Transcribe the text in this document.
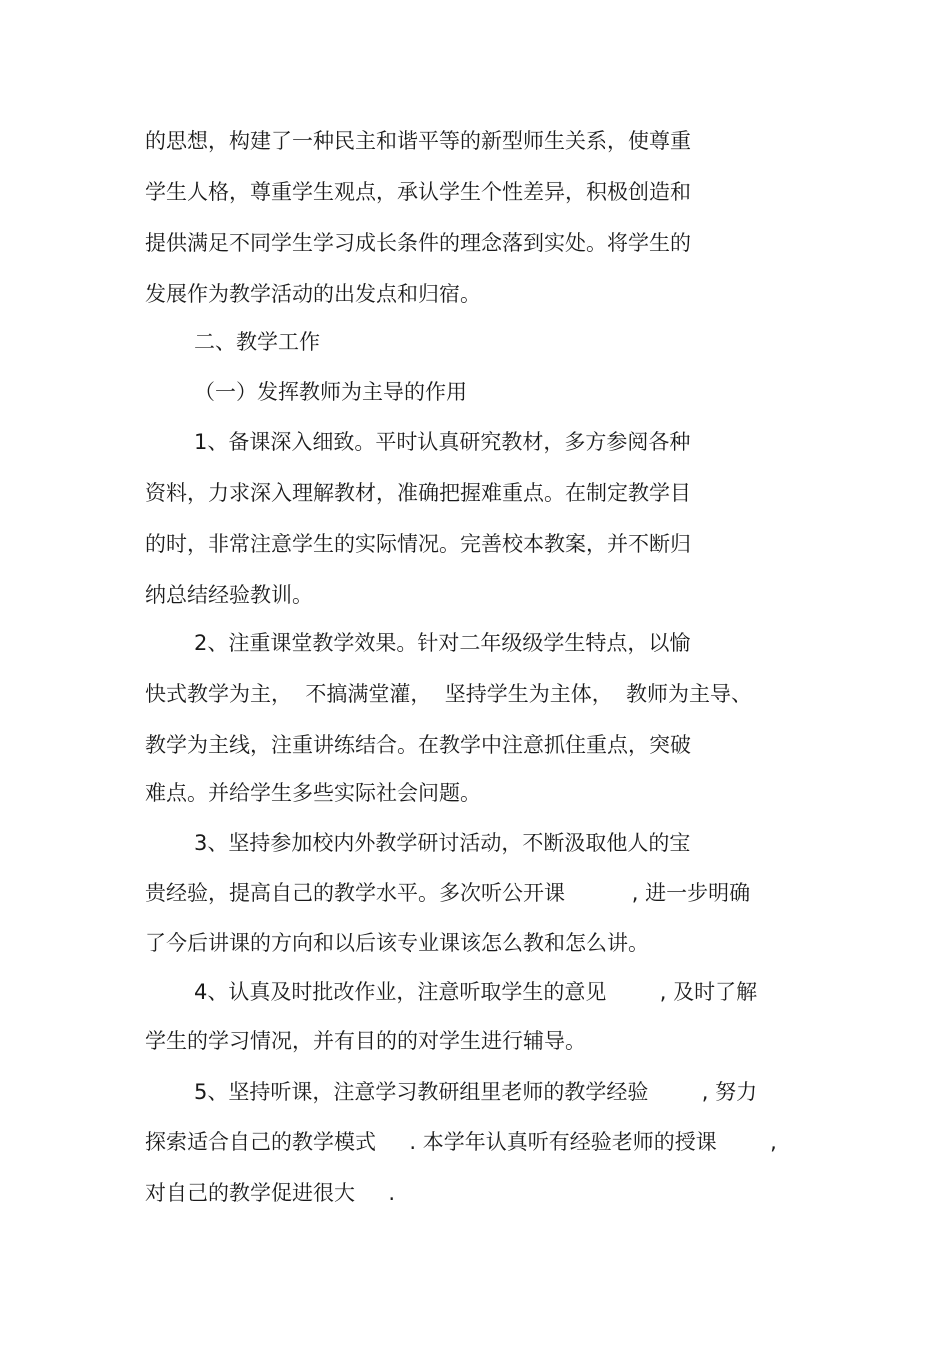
的思想，构建了一种民主和谐平等的新型师生关系，使尊重
学生人格，尊重学生观点，承认学生个性差异，积极创造和
提供满足不同学生学习成长条件的理念落到实处。将学生的
发展作为教学活动的出发点和归宿。
二、教学工作
（一）发挥教师为主导的作用
1、备课深入细致。平时认真研究教材，多方参阅各种
资料，力求深入理解教材，准确把握难重点。在制定教学目
的时，非常注意学生的实际情况。完善校本教案，并不断归
纳总结经验教训。
2、注重课堂教学效果。针对二年级级学生特点，以愉
快式教学为主，  不搞满堂灌，  坚持学生为主体，  教师为主导、
教学为主线，注重讲练结合。在教学中注意抓住重点，突破
难点。并给学生多些实际社会问题。
3、坚持参加校内外教学研讨活动，不断汲取他人的宝
贵经验，提高自己的教学水平。多次听公开课          , 进一步明确
了今后讲课的方向和以后该专业课该怎么教和怎么讲。
4、认真及时批改作业，注意听取学生的意见        , 及时了解
学生的学习情况，并有目的的对学生进行辅导。
5、坚持听课，注意学习教研组里老师的教学经验        , 努力
探索适合自己的教学模式     . 本学年认真听有经验老师的授课        ,
对自己的教学促进很大     .
